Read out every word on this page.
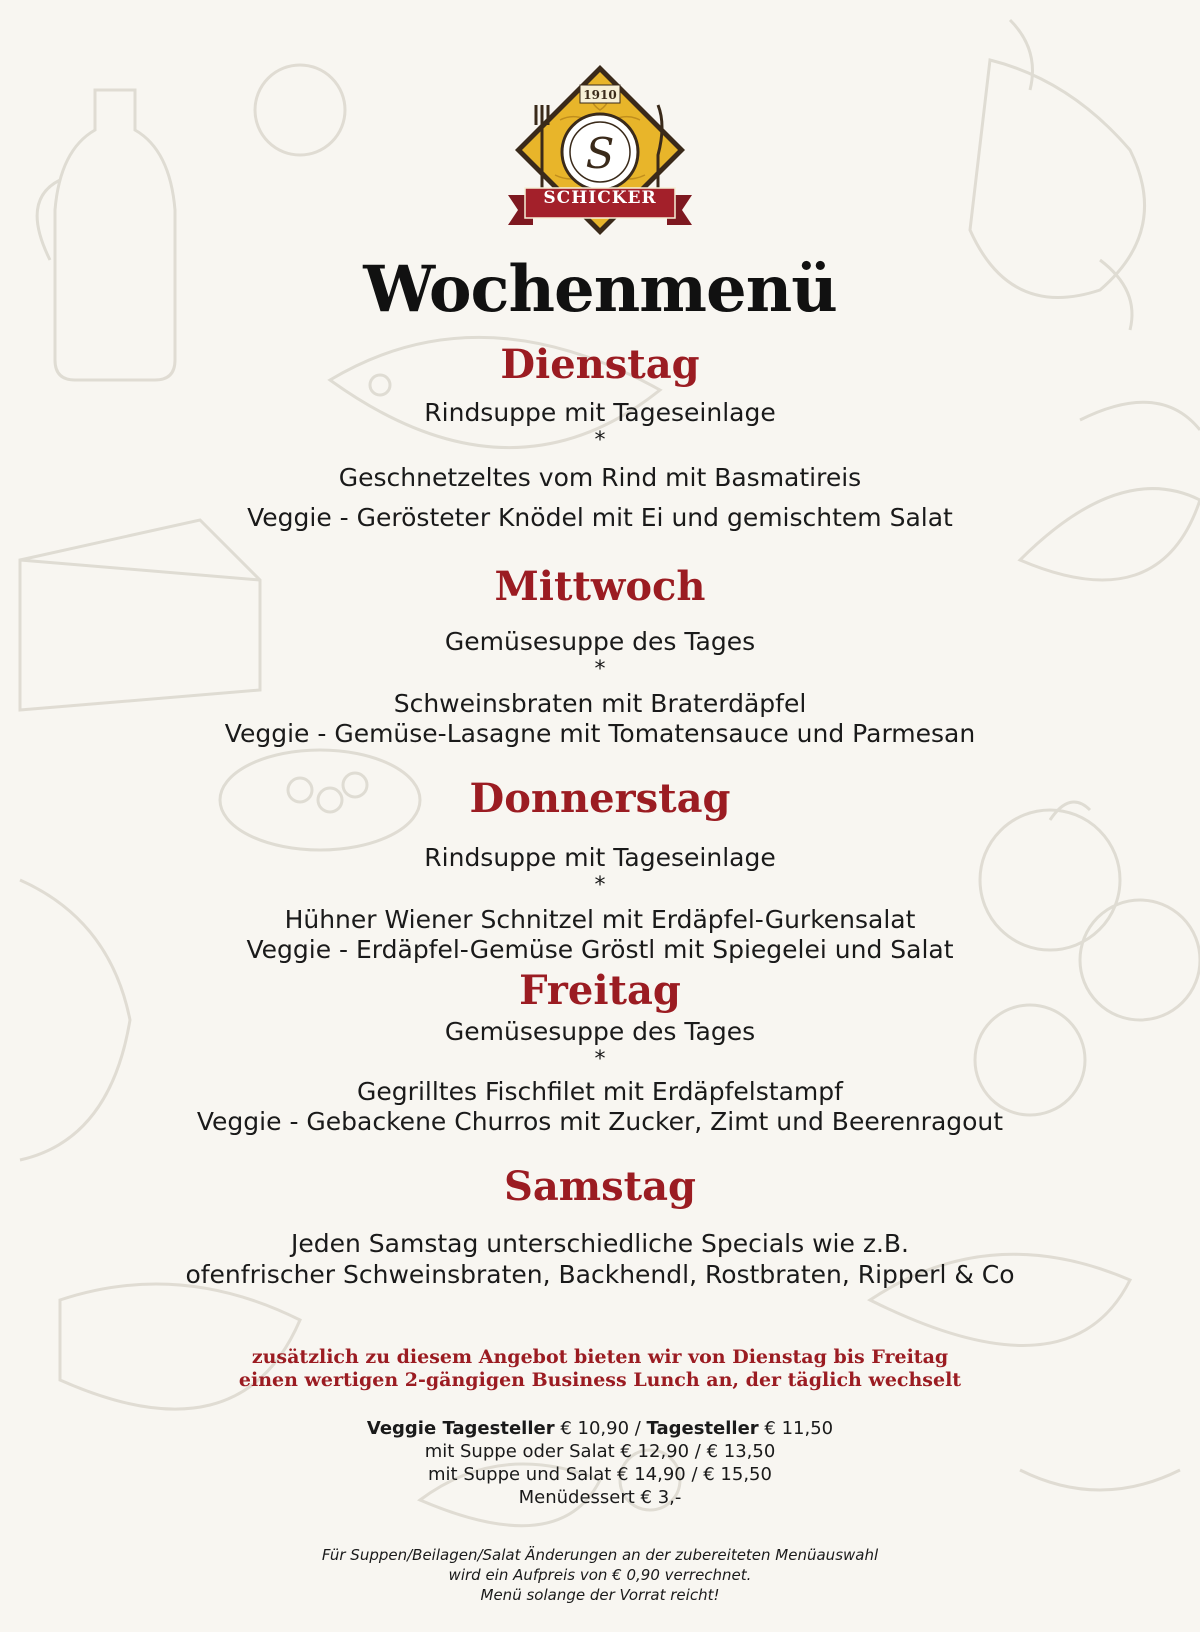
1910
S
SCHICKER
Wochenmenü
Dienstag
Rindsuppe mit Tageseinlage
*
Geschnetzeltes vom Rind mit Basmatireis
Veggie - Gerösteter Knödel mit Ei und gemischtem Salat
Mittwoch
Gemüsesuppe des Tages
*
Schweinsbraten mit Braterdäpfel
Veggie - Gemüse-Lasagne mit Tomatensauce und Parmesan
Donnerstag
Rindsuppe mit Tageseinlage
*
Hühner Wiener Schnitzel mit Erdäpfel-Gurkensalat
Veggie - Erdäpfel-Gemüse Gröstl mit Spiegelei und Salat
Freitag
Gemüsesuppe des Tages
*
Gegrilltes Fischfilet mit Erdäpfelstampf
Veggie - Gebackene Churros mit Zucker, Zimt und Beerenragout
Samstag
Jeden Samstag unterschiedliche Specials wie z.B.
ofenfrischer Schweinsbraten, Backhendl, Rostbraten, Ripperl & Co
zusätzlich zu diesem Angebot bieten wir von Dienstag bis Freitag
einen wertigen 2-gängigen Business Lunch an, der täglich wechselt
Veggie Tagesteller € 10,90 / Tagesteller € 11,50
mit Suppe oder Salat € 12,90 / € 13,50
mit Suppe und Salat € 14,90 / € 15,50
Menüdessert € 3,-
Für Suppen/Beilagen/Salat Änderungen an der zubereiteten Menüauswahl
wird ein Aufpreis von € 0,90 verrechnet.
Menü solange der Vorrat reicht!
